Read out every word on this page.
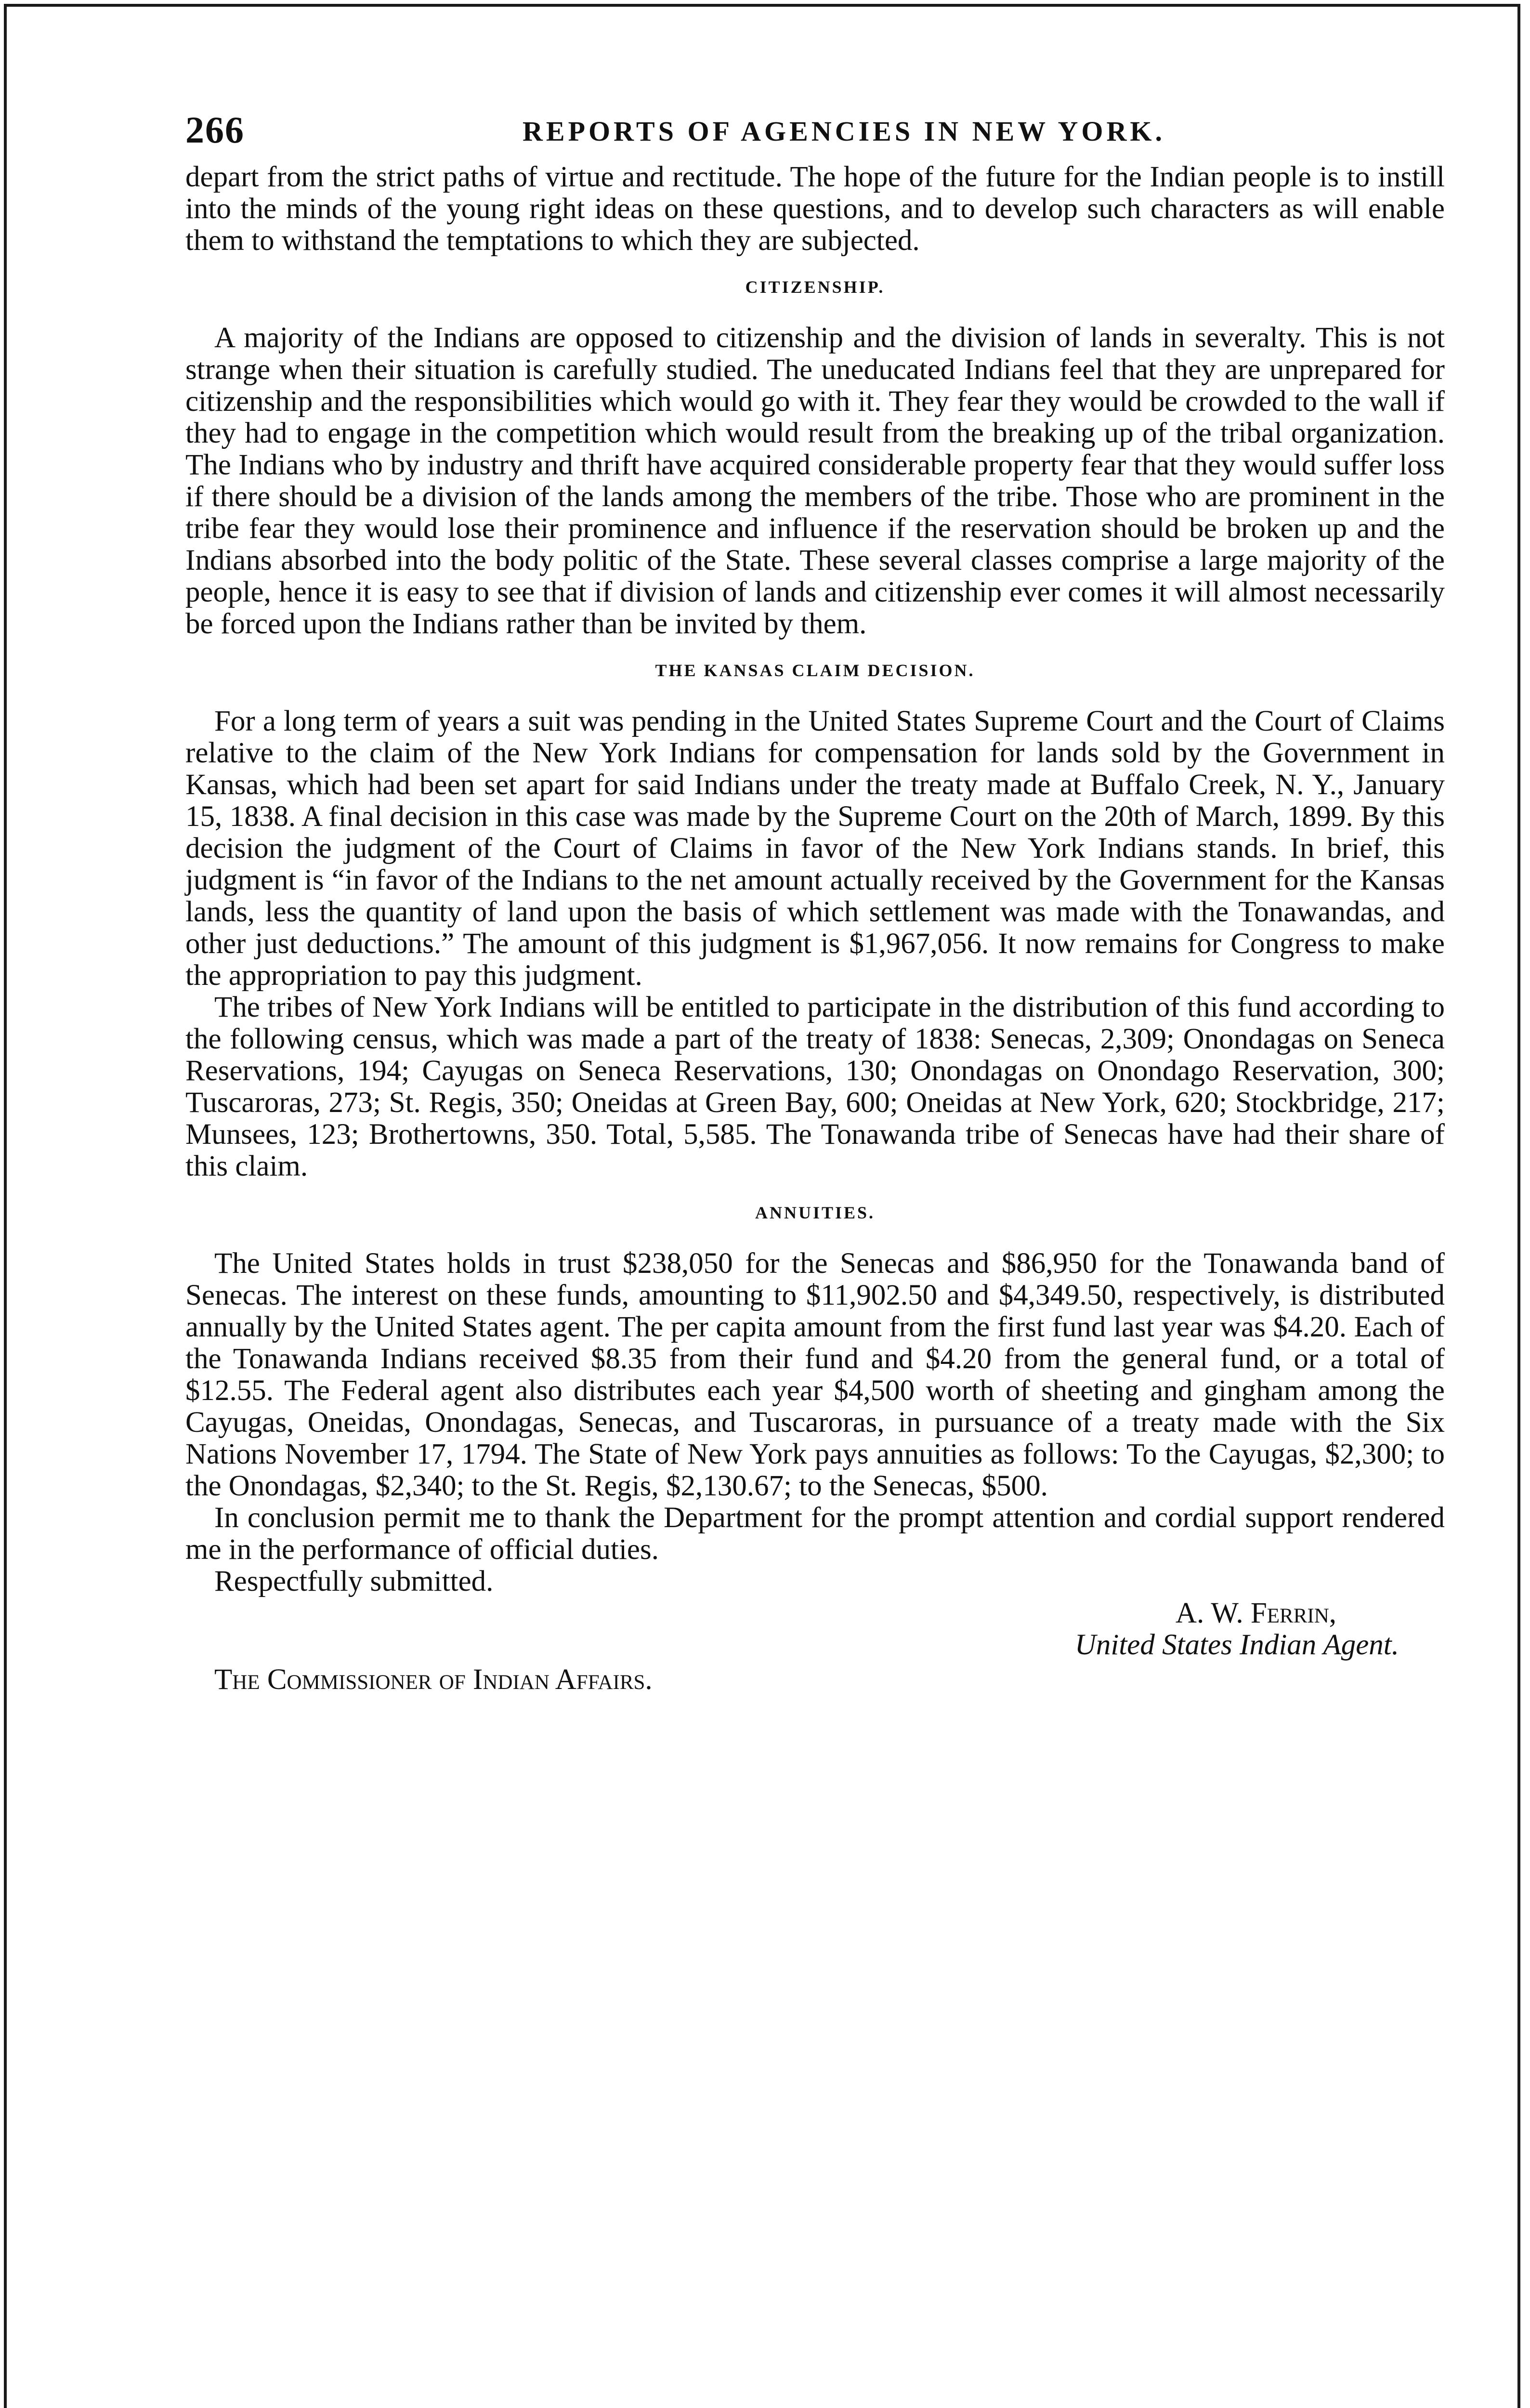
266	REPORTS OF AGENCIES IN NEW YORK.

depart from the strict paths of virtue and rectitude. The hope of the future for the Indian people is to instill into the minds of the young right ideas on these questions, and to develop such characters as will enable them to withstand the temptations to which they are subjected.

CITIZENSHIP.

A majority of the Indians are opposed to citizenship and the division of lands in severalty. This is not strange when their situation is carefully studied. The uneducated Indians feel that they are unprepared for citizenship and the responsibilities which would go with it. They fear they would be crowded to the wall if they had to engage in the competition which would result from the breaking up of the tribal organization. The Indians who by industry and thrift have acquired considerable property fear that they would suffer loss if there should be a division of the lands among the members of the tribe. Those who are prominent in the tribe fear they would lose their prominence and influence if the reservation should be broken up and the Indians absorbed into the body politic of the State. These several classes comprise a large majority of the people, hence it is easy to see that if division of lands and citizenship ever comes it will almost necessarily be forced upon the Indians rather than be invited by them.

THE KANSAS CLAIM DECISION.

For a long term of years a suit was pending in the United States Supreme Court and the Court of Claims relative to the claim of the New York Indians for compensation for lands sold by the Government in Kansas, which had been set apart for said Indians under the treaty made at Buffalo Creek, N. Y., January 15, 1838. A final decision in this case was made by the Supreme Court on the 20th of March, 1899. By this decision the judgment of the Court of Claims in favor of the New York Indians stands. In brief, this judgment is “in favor of the Indians to the net amount actually received by the Government for the Kansas lands, less the quantity of land upon the basis of which settlement was made with the Tonawandas, and other just deductions.” The amount of this judgment is $1,967,056. It now remains for Congress to make the appropriation to pay this judgment.

The tribes of New York Indians will be entitled to participate in the distribution of this fund according to the following census, which was made a part of the treaty of 1838: Senecas, 2,309; Onondagas on Seneca Reservations, 194; Cayugas on Seneca Reservations, 130; Onondagas on Onondago Reservation, 300; Tuscaroras, 273; St. Regis, 350; Oneidas at Green Bay, 600; Oneidas at New York, 620; Stockbridge, 217; Munsees, 123; Brothertowns, 350. Total, 5,585. The Tonawanda tribe of Senecas have had their share of this claim.

ANNUITIES.

The United States holds in trust $238,050 for the Senecas and $86,950 for the Tonawanda band of Senecas. The interest on these funds, amounting to $11,902.50 and $4,349.50, respectively, is distributed annually by the United States agent. The per capita amount from the first fund last year was $4.20. Each of the Tonawanda Indians received $8.35 from their fund and $4.20 from the general fund, or a total of $12.55. The Federal agent also distributes each year $4,500 worth of sheeting and gingham among the Cayugas, Oneidas, Onondagas, Senecas, and Tuscaroras, in pursuance of a treaty made with the Six Nations November 17, 1794. The State of New York pays annuities as follows: To the Cayugas, $2,300; to the Onondagas, $2,340; to the St. Regis, $2,130.67; to the Senecas, $500.

In conclusion permit me to thank the Department for the prompt attention and cordial support rendered me in the performance of official duties.

Respectfully submitted.

A. W. Ferrin,
United States Indian Agent.
The Commissioner of Indian Affairs.
